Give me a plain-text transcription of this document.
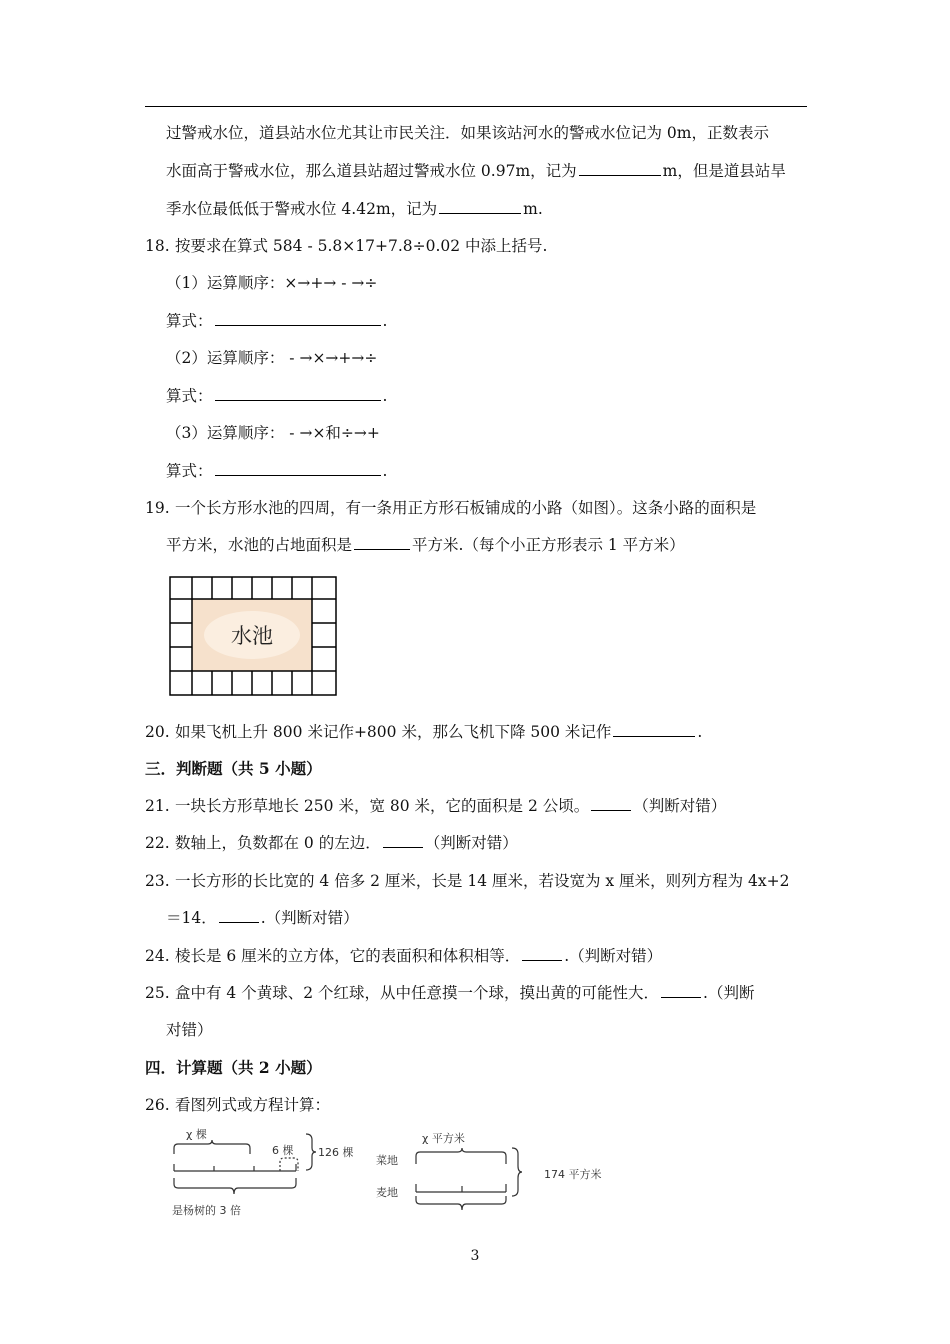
过警戒水位，道县站水位尤其让市民关注．如果该站河水的警戒水位记为 0m，正数表示
水面高于警戒水位，那么道县站超过警戒水位 0.97m，记为	m，但是道县站旱
季水位最低低于警戒水位 4.42m，记为	m.
18. 按要求在算式 584 - 5.8×17+7.8÷0.02 中添上括号.
（1）运算顺序：×→+→ - →÷
算式：	.
（2）运算顺序： - →×→+→÷
算式：	.
（3）运算顺序： - →×和÷→+
算式：	.
19. 一个长方形水池的四周，有一条用正方形石板铺成的小路（如图）。这条小路的面积是
平方米，水池的占地面积是	平方米.（每个小正方形表示 1 平方米）
水池
20. 如果飞机上升 800 米记作+800 米，那么飞机下降 500 米记作	.
三．判断题（共 5 小题）
21. 一块长方形草地长 250 米，宽 80 米，它的面积是 2 公顷。	（判断对错）
22. 数轴上，负数都在 0 的左边．	（判断对错）
23. 一长方形的长比宽的 4 倍多 2 厘米，长是 14 厘米，若设宽为 x 厘米，则列方程为 4x+2
＝14．	.（判断对错）
24. 棱长是 6 厘米的立方体，它的表面积和体积相等．	.（判断对错）
25. 盒中有 4 个黄球、2 个红球，从中任意摸一个球，摸出黄的可能性大．	.（判断
对错）
四．计算题（共 2 小题）
26. 看图列式或方程计算：
χ 棵
6 棵 126 棵
是杨树的 3 倍
χ 平方米
菜地
麦地
174 平方米
3
